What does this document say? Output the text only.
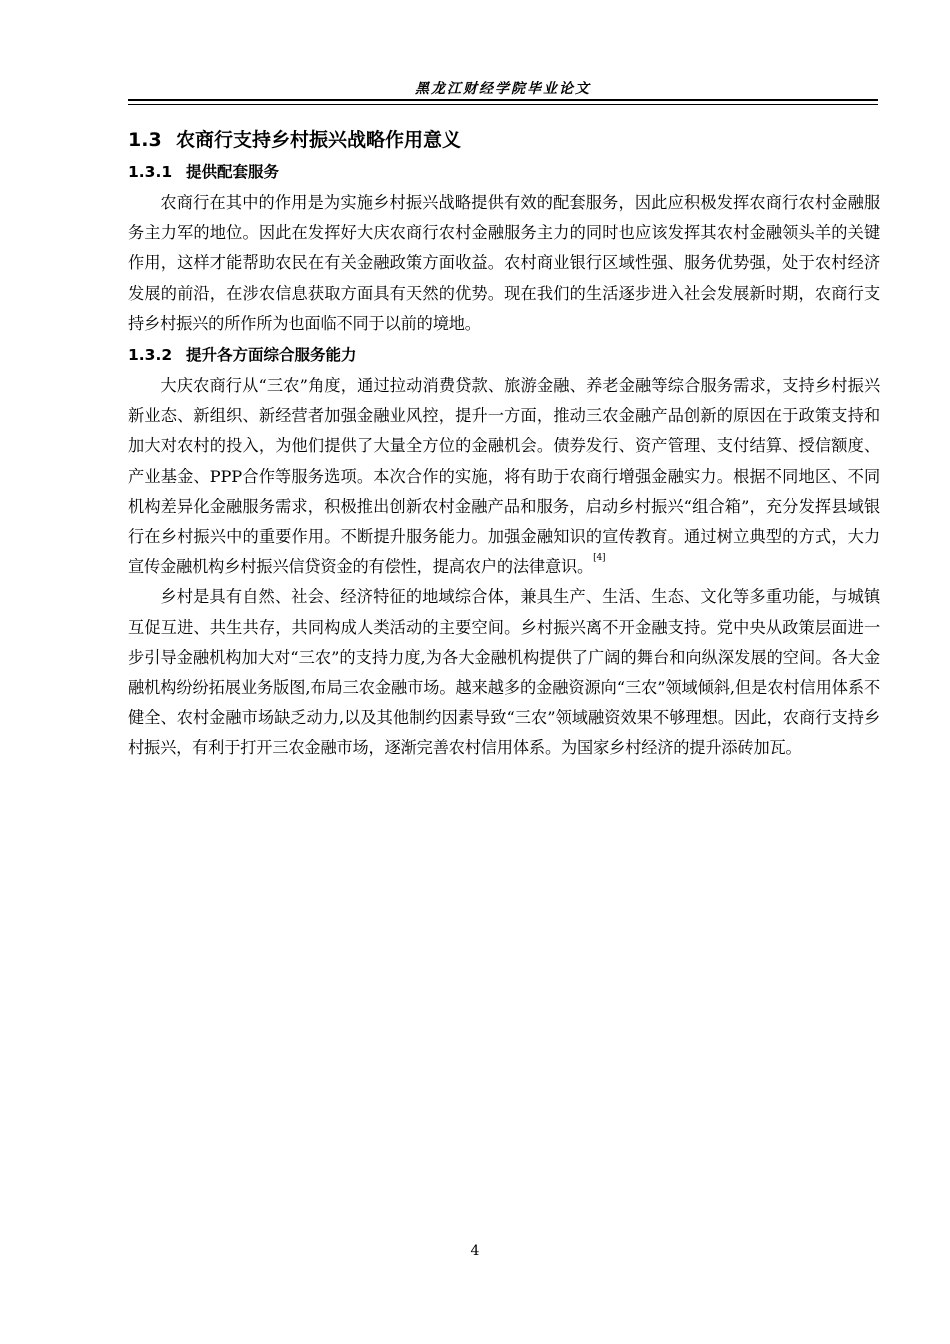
黑龙江财经学院毕业论文
1.3 农商行支持乡村振兴战略作用意义
1.3.1 提供配套服务

农商行在其中的作用是为实施乡村振兴战略提供有效的配套服务，因此应积极发挥农商行农村金融服务主力军的地位。因此在发挥好大庆农商行农村金融服务主力的同时也应该发挥其农村金融领头羊的关键作用，这样才能帮助农民在有关金融政策方面收益。农村商业银行区域性强、服务优势强，处于农村经济发展的前沿，在涉农信息获取方面具有天然的优势。现在我们的生活逐步进入社会发展新时期，农商行支持乡村振兴的所作所为也面临不同于以前的境地。

1.3.2 提升各方面综合服务能力

大庆农商行从“三农”角度，通过拉动消费贷款、旅游金融、养老金融等综合服务需求，支持乡村振兴新业态、新组织、新经营者加强金融业风控，提升一方面，推动三农金融产品创新的原因在于政策支持和加大对农村的投入，为他们提供了大量全方位的金融机会。债券发行、资产管理、支付结算、授信额度、产业基金、PPP合作等服务选项。本次合作的实施，将有助于农商行增强金融实力。根据不同地区、不同机构差异化金融服务需求，积极推出创新农村金融产品和服务，启动乡村振兴“组合箱”，充分发挥县域银行在乡村振兴中的重要作用。不断提升服务能力。加强金融知识的宣传教育。通过树立典型的方式，大力宣传金融机构乡村振兴信贷资金的有偿性，提高农户的法律意识。[4]

乡村是具有自然、社会、经济特征的地域综合体，兼具生产、生活、生态、文化等多重功能，与城镇互促互进、共生共存，共同构成人类活动的主要空间。乡村振兴离不开金融支持。党中央从政策层面进一步引导金融机构加大对“三农”的支持力度,为各大金融机构提供了广阔的舞台和向纵深发展的空间。各大金融机构纷纷拓展业务版图,布局三农金融市场。越来越多的金融资源向“三农”领域倾斜,但是农村信用体系不健全、农村金融市场缺乏动力,以及其他制约因素导致“三农”领域融资效果不够理想。因此，农商行支持乡村振兴，有利于打开三农金融市场，逐渐完善农村信用体系。为国家乡村经济的提升添砖加瓦。

4
